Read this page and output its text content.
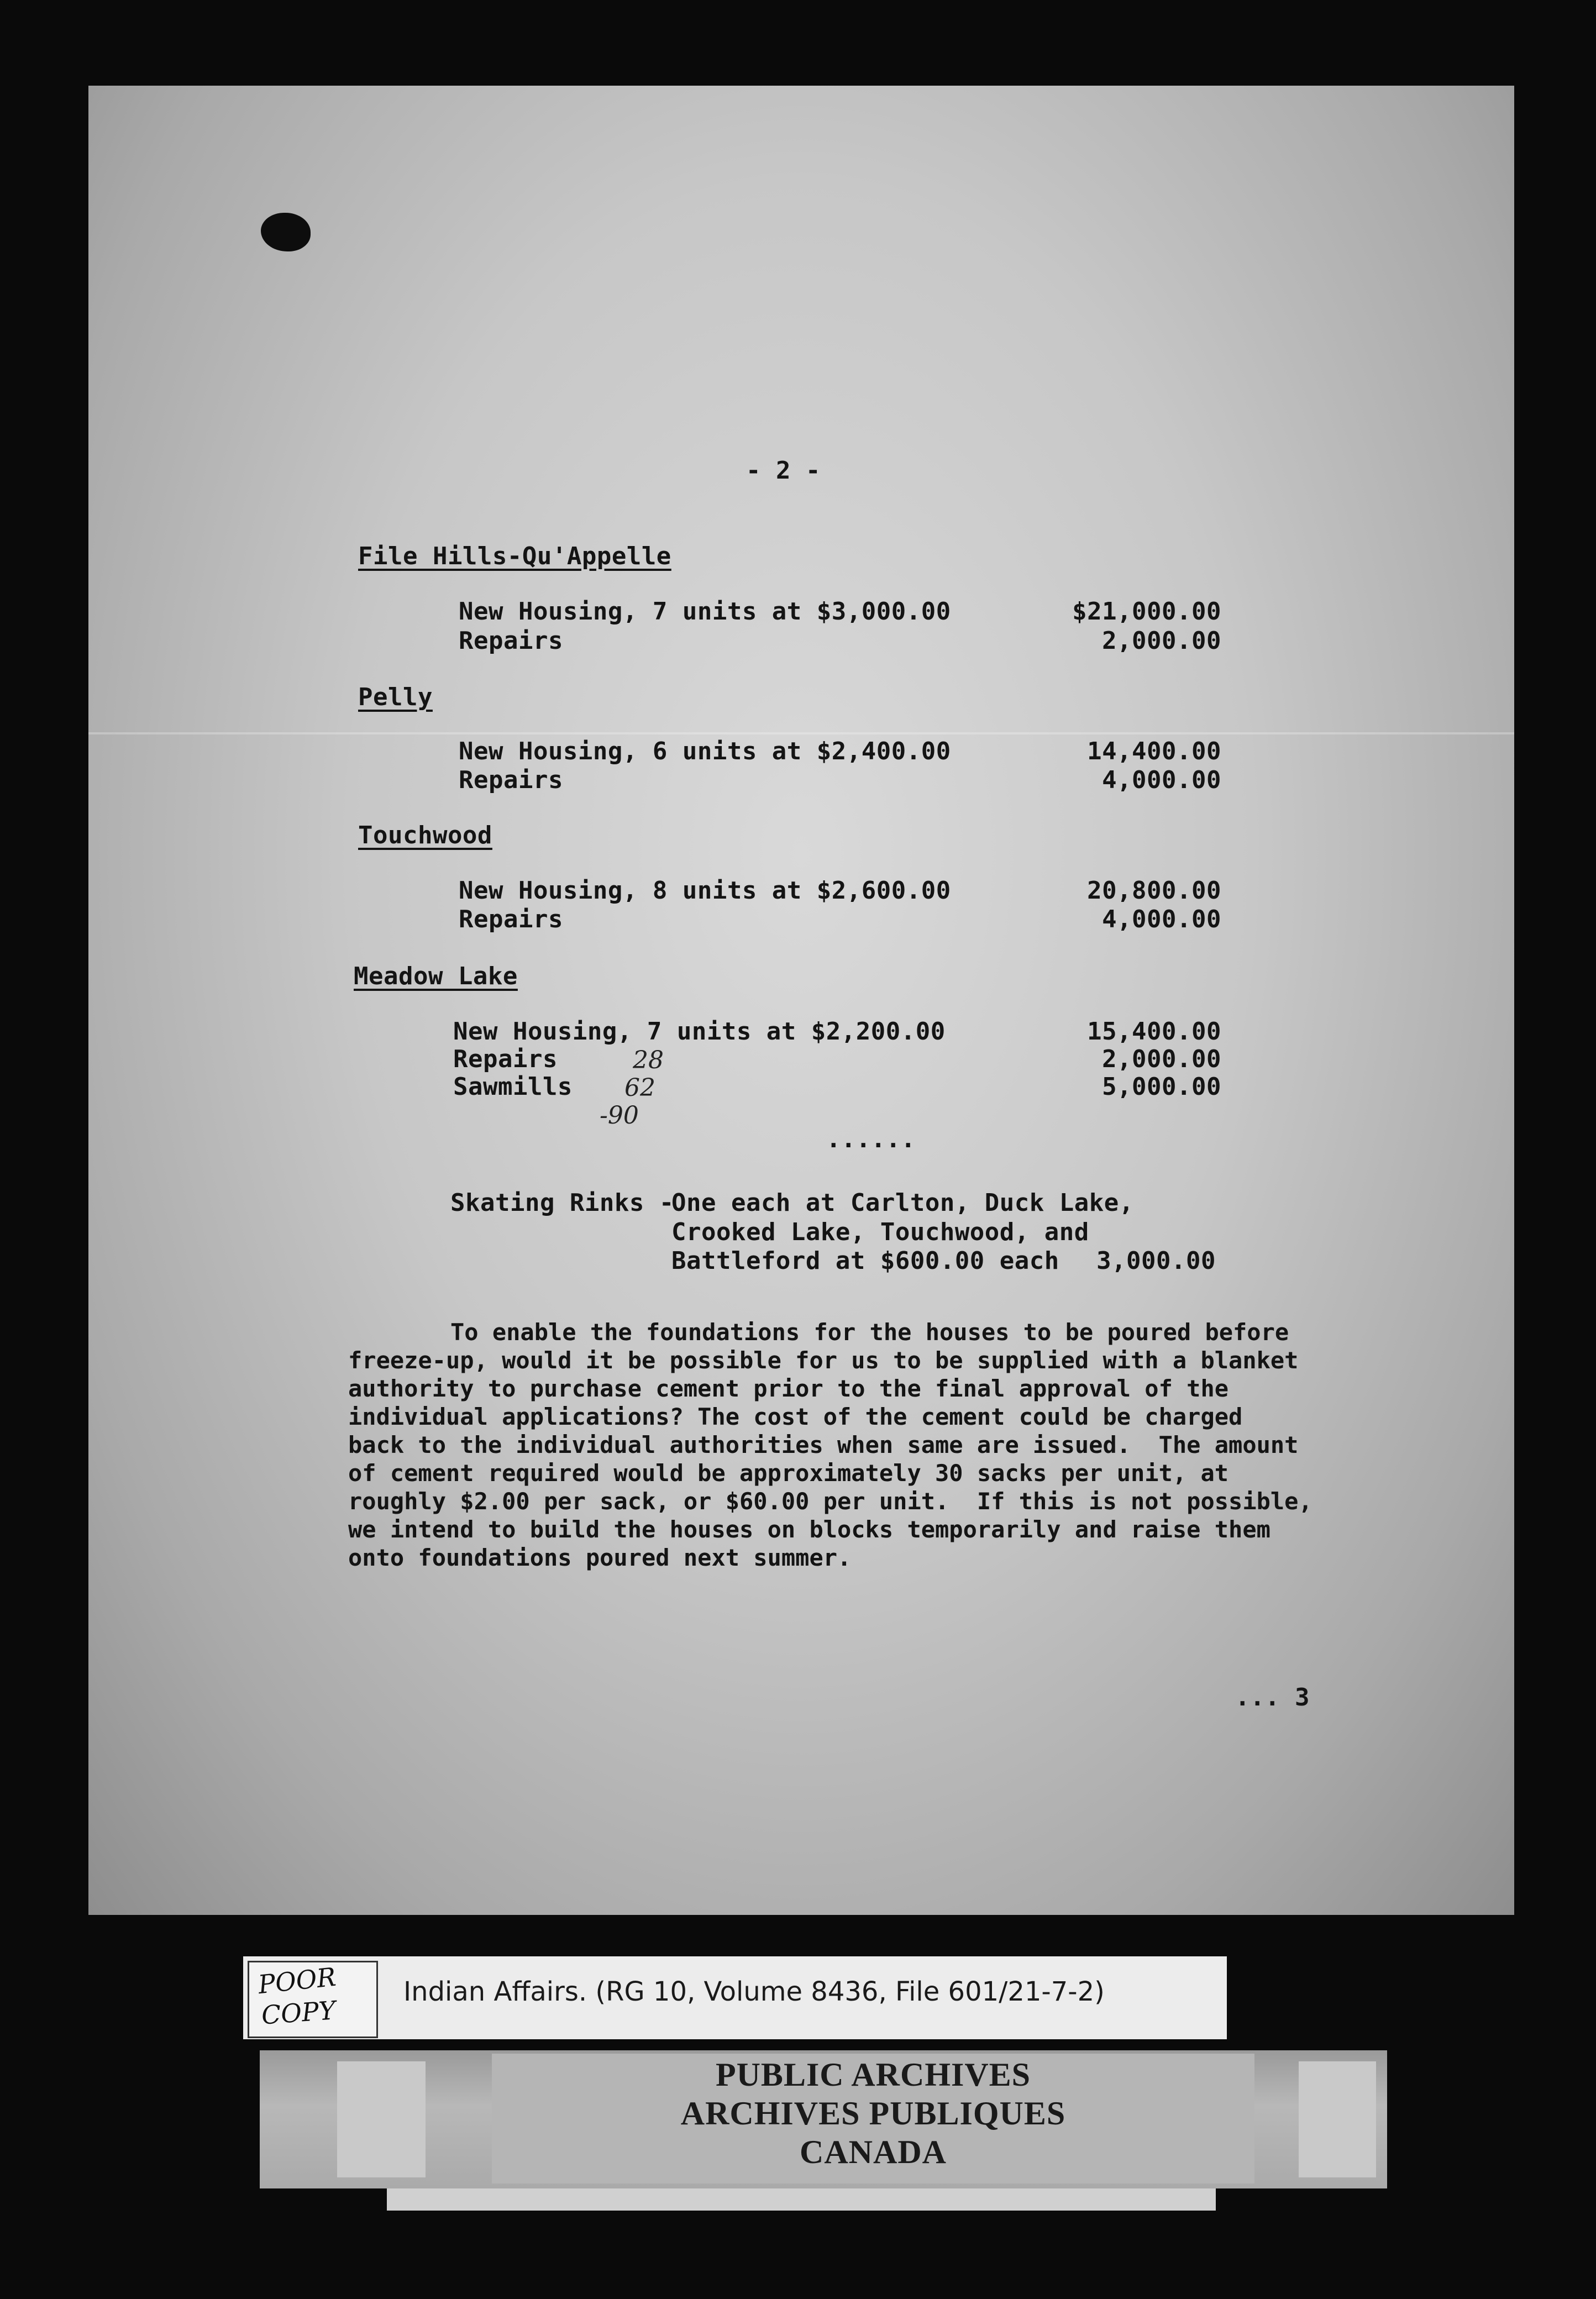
- 2 -
File Hills-Qu'Appelle
New Housing, 7 units at $3,000.00	$21,000.00
Repairs	2,000.00
Pelly
New Housing, 6 units at $2,400.00	14,400.00
Repairs	4,000.00
Touchwood
New Housing, 8 units at $2,600.00	20,800.00
Repairs	4,000.00
Meadow Lake
New Housing, 7 units at $2,200.00	15,400.00
Repairs	2,000.00
Sawmills	5,000.00
28
62
-90
......
Skating Rinks -
One each at Carlton, Duck Lake,
Crooked Lake, Touchwood, and
Battleford at $600.00 each	3,000.00
To enable the foundations for the houses to be poured before
freeze-up, would it be possible for us to be supplied with a blanket
authority to purchase cement prior to the final approval of the
individual applications? The cost of the cement could be charged
back to the individual authorities when same are issued.  The amount
of cement required would be approximately 30 sacks per unit, at
roughly $2.00 per sack, or $60.00 per unit.  If this is not possible,
we intend to build the houses on blocks temporarily and raise them
onto foundations poured next summer.
... 3
Indian Affairs. (RG 10, Volume 8436, File 601/21-7-2)
POOR
COPY
PUBLIC ARCHIVES
ARCHIVES PUBLIQUES
CANADA
